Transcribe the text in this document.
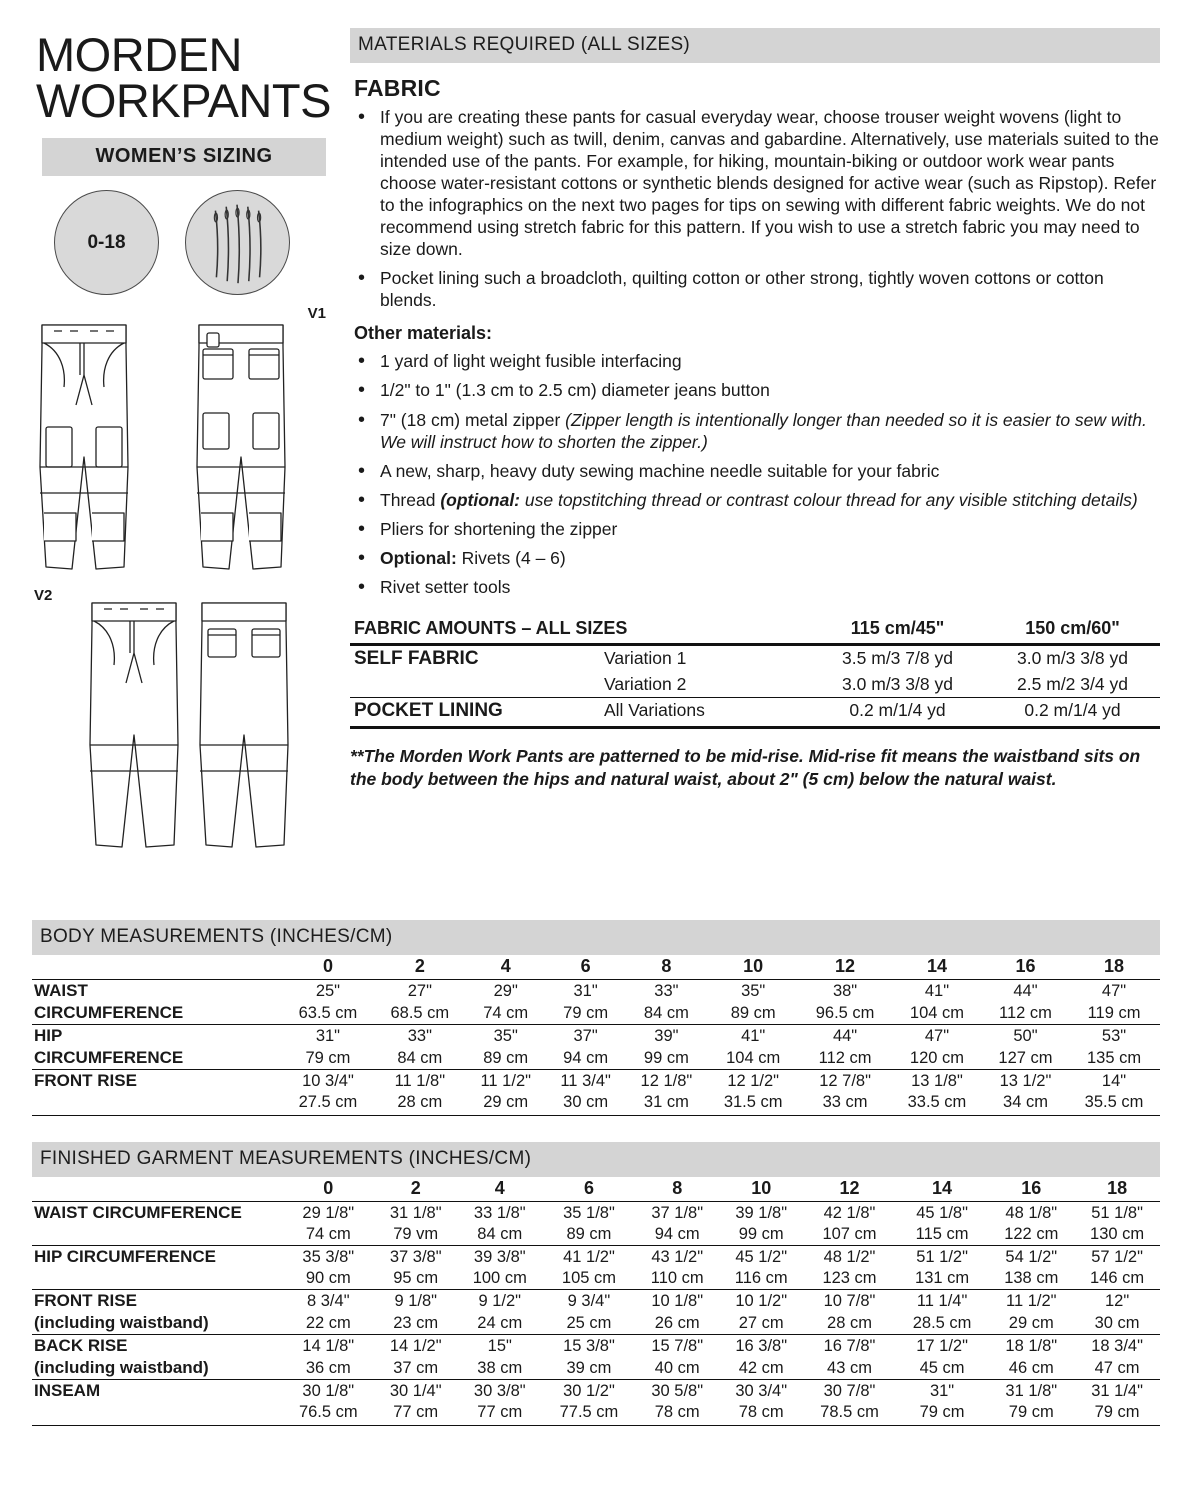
MORDEN
WORKPANTS
WOMEN’S SIZING
0-18
V1
V2
MATERIALS REQUIRED (ALL SIZES)
FABRIC
• If you are creating these pants for casual everyday wear, choose trouser weight wovens (light to medium weight) such as twill, denim, canvas and gabardine. Alternatively, use materials suited to the intended use of the pants. For example, for hiking, mountain-biking or outdoor work wear pants choose water-resistant cottons or synthetic blends designed for active wear (such as Ripstop). Refer to the infographics on the next two pages for tips on sewing with different fabric weights. We do not recommend using stretch fabric for this pattern. If you wish to use a stretch fabric you may need to size down.
• Pocket lining such a broadcloth, quilting cotton or other strong, tightly woven cottons or cotton blends.
Other materials:
• 1 yard of light weight fusible interfacing
• 1/2" to 1" (1.3 cm to 2.5 cm) diameter jeans button
• 7" (18 cm) metal zipper (Zipper length is intentionally longer than needed so it is easier to sew with. We will instruct how to shorten the zipper.)
• A new, sharp, heavy duty sewing machine needle suitable for your fabric
• Thread (optional: use topstitching thread or contrast colour thread for any visible stitching details)
• Pliers for shortening the zipper
• Optional: Rivets (4 – 6)
• Rivet setter tools
FABRIC AMOUNTS – ALL SIZES		115 cm/45"	150 cm/60"
SELF FABRIC	Variation 1	3.5 m/3 7/8 yd	3.0 m/3 3/8 yd
	Variation 2	3.0 m/3 3/8 yd	2.5 m/2 3/4 yd
POCKET LINING	All Variations	0.2 m/1/4 yd	0.2 m/1/4 yd
**The Morden Work Pants are patterned to be mid-rise. Mid-rise fit means the waistband sits on the body between the hips and natural waist, about 2" (5 cm) below the natural waist.
BODY MEASUREMENTS (INCHES/CM)
	0	2	4	6	8	10	12	14	16	18
WAIST	25"	27"	29"	31"	33"	35"	38"	41"	44"	47"
CIRCUMFERENCE	63.5 cm	68.5 cm	74 cm	79 cm	84 cm	89 cm	96.5 cm	104 cm	112 cm	119 cm
HIP	31"	33"	35"	37"	39"	41"	44"	47"	50"	53"
CIRCUMFERENCE	79 cm	84 cm	89 cm	94 cm	99 cm	104 cm	112 cm	120 cm	127 cm	135 cm
FRONT RISE	10 3/4"	11 1/8"	11 1/2"	11 3/4"	12 1/8"	12 1/2"	12 7/8"	13 1/8"	13 1/2"	14"
	27.5 cm	28 cm	29 cm	30 cm	31 cm	31.5 cm	33 cm	33.5 cm	34 cm	35.5 cm
FINISHED GARMENT MEASUREMENTS (INCHES/CM)
	0	2	4	6	8	10	12	14	16	18
WAIST CIRCUMFERENCE	29 1/8"	31 1/8"	33 1/8"	35 1/8"	37 1/8"	39 1/8"	42 1/8"	45 1/8"	48 1/8"	51 1/8"
	74 cm	79 vm	84 cm	89 cm	94 cm	99 cm	107 cm	115 cm	122 cm	130 cm
HIP CIRCUMFERENCE	35 3/8"	37 3/8"	39 3/8"	41 1/2"	43 1/2"	45 1/2"	48 1/2"	51 1/2"	54 1/2"	57 1/2"
	90 cm	95 cm	100 cm	105 cm	110 cm	116 cm	123 cm	131 cm	138 cm	146 cm
FRONT RISE	8 3/4"	9 1/8"	9 1/2"	9 3/4"	10 1/8"	10 1/2"	10 7/8"	11 1/4"	11 1/2"	12"
(including waistband)	22 cm	23 cm	24 cm	25 cm	26 cm	27 cm	28 cm	28.5 cm	29 cm	30 cm
BACK RISE	14 1/8"	14 1/2"	15"	15 3/8"	15 7/8"	16 3/8"	16 7/8"	17 1/2"	18 1/8"	18 3/4"
(including waistband)	36 cm	37 cm	38 cm	39 cm	40 cm	42 cm	43 cm	45 cm	46 cm	47 cm
INSEAM	30 1/8"	30 1/4"	30 3/8"	30 1/2"	30 5/8"	30 3/4"	30 7/8"	31"	31 1/8"	31 1/4"
	76.5 cm	77 cm	77 cm	77.5 cm	78 cm	78 cm	78.5 cm	79 cm	79 cm	79 cm
